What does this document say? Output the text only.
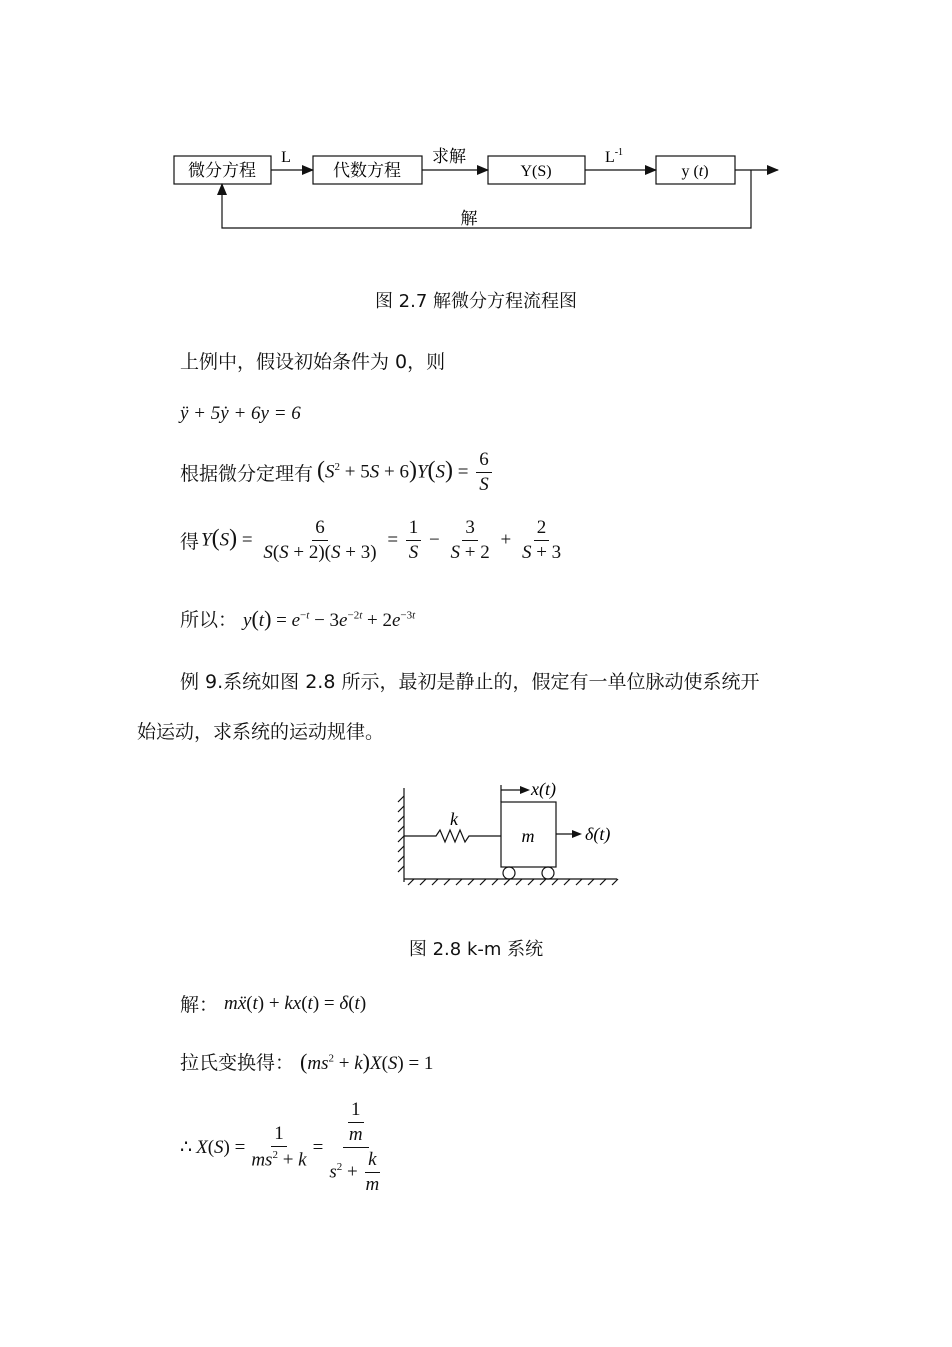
微分方程	代数方程	Y(S)	y (t)
L	求解	$L^{-1}$
解
图 2.7 解微分方程流程图
上例中，假设初始条件为 0，则
ÿ + 5ẏ + 6y = 6
根据微分定理有 $(S^2 + 5S + 6)Y(S) = \frac{6}{S}$
得 $Y(S) = \frac{6}{S(S + 2)(S + 3)} = \frac{1}{S} - \frac{3}{S + 2} + \frac{2}{S + 3}$
所以： $y(t) = e^{-t} - 3e^{-2t} + 2e^{-3t}$
例 9.系统如图 2.8 所示，最初是静止的，假定有一单位脉动使系统开
始运动，求系统的运动规律。
x(t)
k
m	δ(t)
图 2.8 k-m 系统
解： mẍ(t) + kx(t) = δ(t)
拉氏变换得： $(ms^2 + k)X(S) = 1$
∴ X ( S ) = $\frac{1}{ms^2 + k} = \frac{\frac{1}{m}}{s^2 + \frac{k}{m}}$
